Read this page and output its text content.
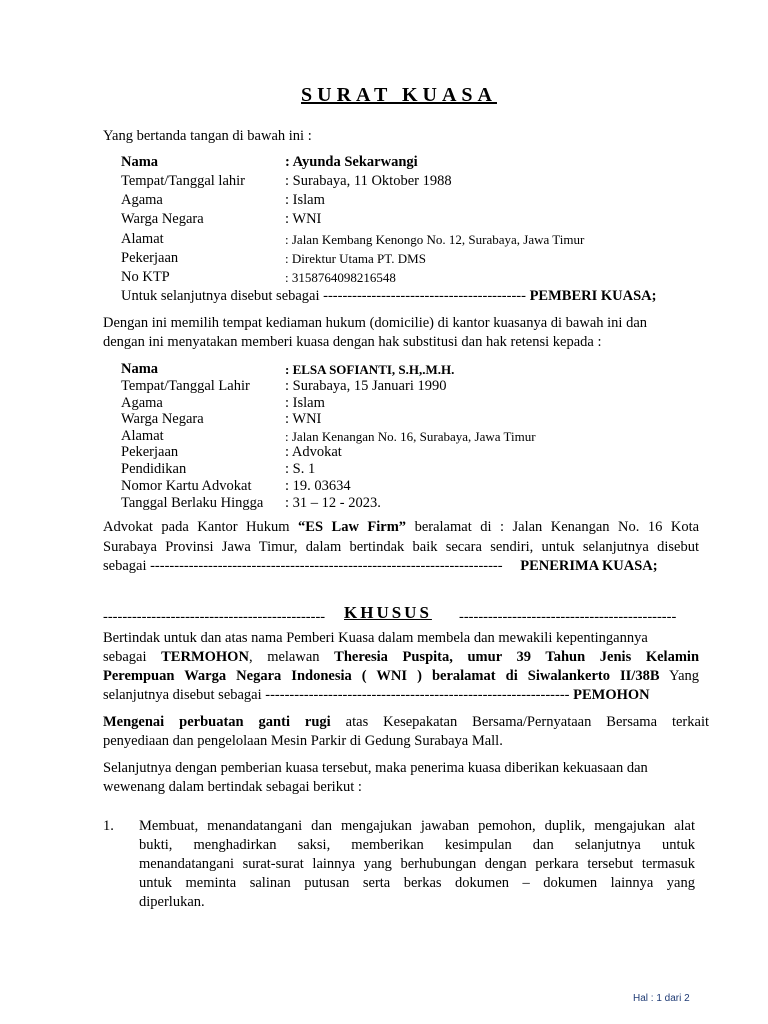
SURAT KUASA
Yang bertanda tangan di bawah ini :
Nama	: Ayunda Sekarwangi
Tempat/Tanggal lahir	: Surabaya, 11 Oktober 1988
Agama	: Islam
Warga Negara	: WNI
Alamat	: Jalan Kembang Kenongo No. 12, Surabaya, Jawa Timur
Pekerjaan	: Direktur Utama PT. DMS
No KTP	: 3158764098216548
Untuk selanjutnya disebut sebagai ------------------------------------------ PEMBERI KUASA;
Dengan ini memilih tempat kediaman hukum (domicilie) di kantor kuasanya di bawah ini dan
dengan ini menyatakan memberi kuasa dengan hak substitusi dan hak retensi kepada :
Nama	: ELSA SOFIANTI, S.H,.M.H.
Tempat/Tanggal Lahir : Surabaya, 15 Januari 1990
Agama	: Islam
Warga Negara	: WNI
Alamat	: Jalan Kenangan No. 16, Surabaya, Jawa Timur
Pekerjaan	: Advokat
Pendidikan	: S. 1
Nomor Kartu Advokat : 19. 03634
Tanggal Berlaku Hingga : 31 – 12 - 2023.
Advokat pada Kantor Hukum “ES Law Firm” beralamat di : Jalan Kenangan No. 16 Kota
Surabaya Provinsi Jawa Timur, dalam bertindak baik secara sendiri, untuk selanjutnya disebut
sebagai ------------------------------------------------------------------------- PENERIMA KUASA;
----------------------------------------------	KHUSUS ---------------------------------------------
Bertindak untuk dan atas nama Pemberi Kuasa dalam membela dan mewakili kepentingannya
sebagai TERMOHON, melawan Theresia Puspita, umur 39 Tahun Jenis Kelamin
Perempuan Warga Negara Indonesia ( WNI ) beralamat di Siwalankerto II/38B Yang
selanjutnya disebut sebagai --------------------------------------------------------------- PEMOHON
Mengenai perbuatan ganti rugi atas Kesepakatan Bersama/Pernyataan Bersama terkait
penyediaan dan pengelolaan Mesin Parkir di Gedung Surabaya Mall.
Selanjutnya dengan pemberian kuasa tersebut, maka penerima kuasa diberikan kekuasaan dan
wewenang dalam bertindak sebagai berikut :
1. Membuat, menandatangani dan mengajukan jawaban pemohon, duplik, mengajukan alat
bukti, menghadirkan saksi, memberikan kesimpulan dan selanjutnya untuk
menandatangani surat-surat lainnya yang berhubungan dengan perkara tersebut termasuk
untuk meminta salinan putusan serta berkas dokumen – dokumen lainnya yang
diperlukan.
Hal : 1 dari 2
